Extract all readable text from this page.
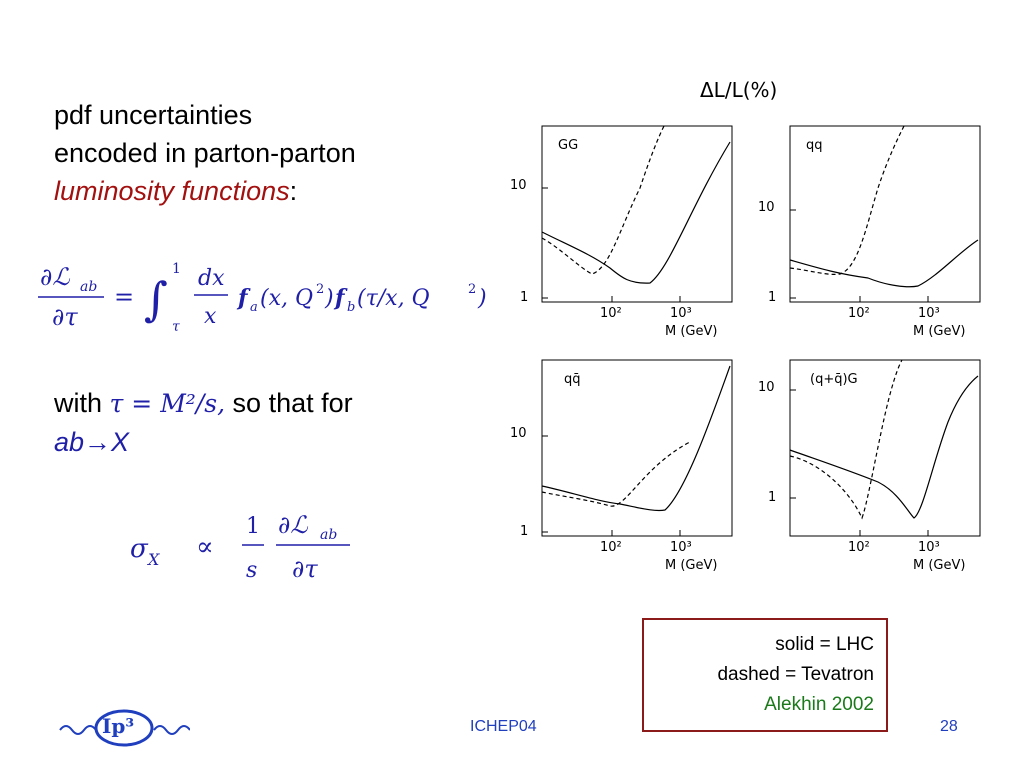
pdf uncertainties
encoded in parton-parton
luminosity functions:
∂ℒ ab
∂τ
= ∫
1
τ
dx
x
f a (x, Q 2 ) f b (τ/x, Q	2 )
with τ = M²/s, so that for
ab→X
σ X ∝
1
s
∂ℒ ab
∂τ
ΔL/L(%)
GG
10
1
10²	10³
M (GeV)
qq
10
1
10²	10³
M (GeV)
qq̄
10
1
10²	10³
M (GeV)
(q+q̄)G
10
1
10²	10³
M (GeV)
solid = LHC
dashed = Tevatron
Alekhin 2002
Ip³	ICHEP04	28
